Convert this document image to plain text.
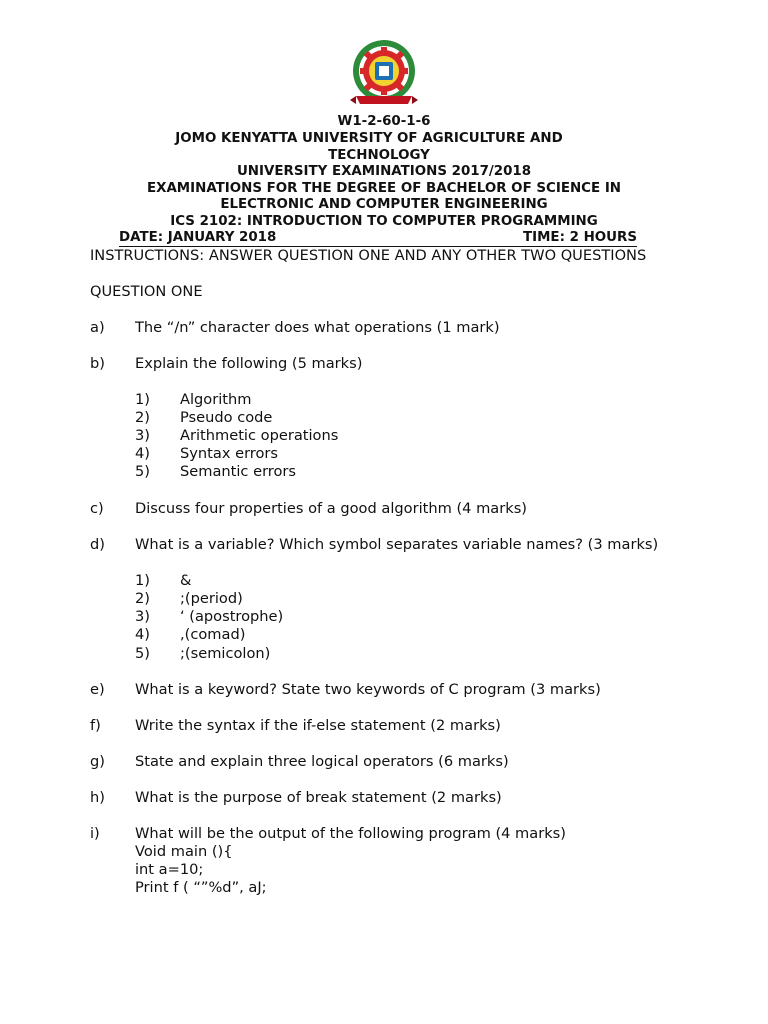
W1-2-60-1-6
JOMO KENYATTA UNIVERSITY OF AGRICULTURE AND
TECHNOLOGY
UNIVERSITY EXAMINATIONS 2017/2018
EXAMINATIONS FOR THE DEGREE OF BACHELOR OF SCIENCE IN
ELECTRONIC AND COMPUTER ENGINEERING
ICS 2102: INTRODUCTION TO COMPUTER PROGRAMMING
DATE: JANUARY 2018	TIME: 2 HOURS
INSTRUCTIONS: ANSWER QUESTION ONE AND ANY OTHER TWO QUESTIONS
QUESTION ONE
a) The “/n” character does what operations (1 mark)
b) Explain the following (5 marks)
1) Algorithm
2) Pseudo code
3) Arithmetic operations
4) Syntax errors
5) Semantic errors
c) Discuss four properties of a good algorithm (4 marks)
d) What is a variable? Which symbol separates variable names? (3 marks)
1) &
2) ;(period)
3) ‘ (apostrophe)
4) ,(comad)
5) ;(semicolon)
e) What is a keyword? State two keywords of C program (3 marks)
f) Write the syntax if the if-else statement (2 marks)
g) State and explain three logical operators (6 marks)
h) What is the purpose of break statement (2 marks)
i) What will be the output of the following program (4 marks)
Void main (){
int a=10;
Print f ( “”%d”, aJ;
